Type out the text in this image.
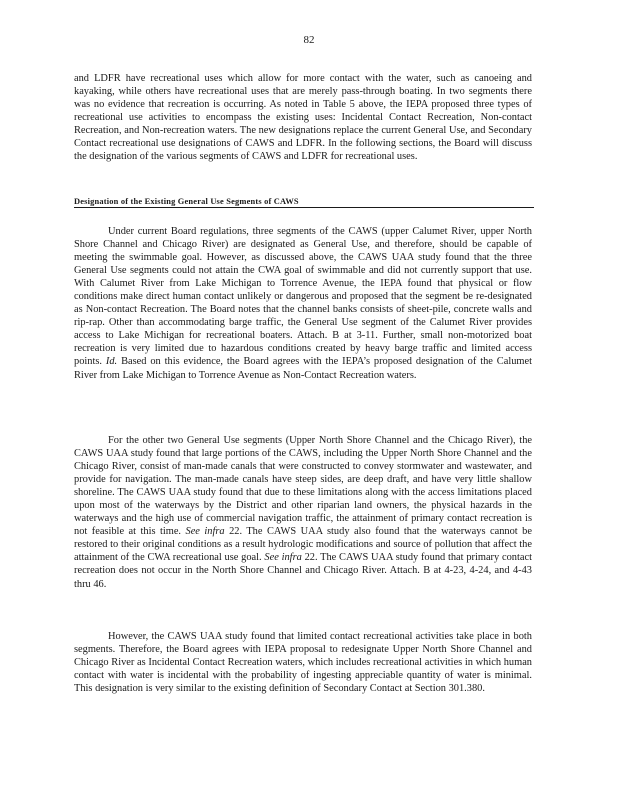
82

and LDFR have recreational uses which allow for more contact with the water, such as canoeing and kayaking, while others have recreational uses that are merely pass-through boating. In two segments there was no evidence that recreation is occurring. As noted in Table 5 above, the IEPA proposed three types of recreational use activities to encompass the existing uses: Incidental Contact Recreation, Non-contact Recreation, and Non-recreation waters. The new designations replace the current General Use, and Secondary Contact recreational use designations of CAWS and LDFR. In the following sections, the Board will discuss the designation of the various segments of CAWS and LDFR for recreational uses.

Designation of the Existing General Use Segments of CAWS

Under current Board regulations, three segments of the CAWS (upper Calumet River, upper North Shore Channel and Chicago River) are designated as General Use, and therefore, should be capable of meeting the swimmable goal. However, as discussed above, the CAWS UAA study found that the three General Use segments could not attain the CWA goal of swimmable and did not currently support that use. With Calumet River from Lake Michigan to Torrence Avenue, the IEPA found that physical or flow conditions make direct human contact unlikely or dangerous and proposed that the segment be re-designated as Non-contact Recreation. The Board notes that the channel banks consists of sheet-pile, concrete walls and rip-rap. Other than accommodating barge traffic, the General Use segment of the Calumet River provides access to Lake Michigan for recreational boaters. Attach. B at 3-11. Further, small non-motorized boat recreation is very limited due to hazardous conditions created by heavy barge traffic and limited access points. Id. Based on this evidence, the Board agrees with the IEPA’s proposed designation of the Calumet River from Lake Michigan to Torrence Avenue as Non-Contact Recreation waters.

For the other two General Use segments (Upper North Shore Channel and the Chicago River), the CAWS UAA study found that large portions of the CAWS, including the Upper North Shore Channel and the Chicago River, consist of man-made canals that were constructed to convey stormwater and wastewater, and provide for navigation. The man-made canals have steep sides, are deep draft, and have very little shallow shoreline. The CAWS UAA study found that due to these limitations along with the access limitations placed upon most of the waterways by the District and other riparian land owners, the physical hazards in the waterways and the high use of commercial navigation traffic, the attainment of primary contact recreation is not feasible at this time. See infra 22. The CAWS UAA study also found that the waterways cannot be restored to their original conditions as a result hydrologic modifications and source of pollution that affect the attainment of the CWA recreational use goal. See infra 22. The CAWS UAA study found that primary contact recreation does not occur in the North Shore Channel and Chicago River. Attach. B at 4-23, 4-24, and 4-43 thru 46.

However, the CAWS UAA study found that limited contact recreational activities take place in both segments. Therefore, the Board agrees with IEPA proposal to redesignate Upper North Shore Channel and Chicago River as Incidental Contact Recreation waters, which includes recreational activities in which human contact with water is incidental with the probability of ingesting appreciable quantity of water is minimal. This designation is very similar to the existing definition of Secondary Contact at Section 301.380.
